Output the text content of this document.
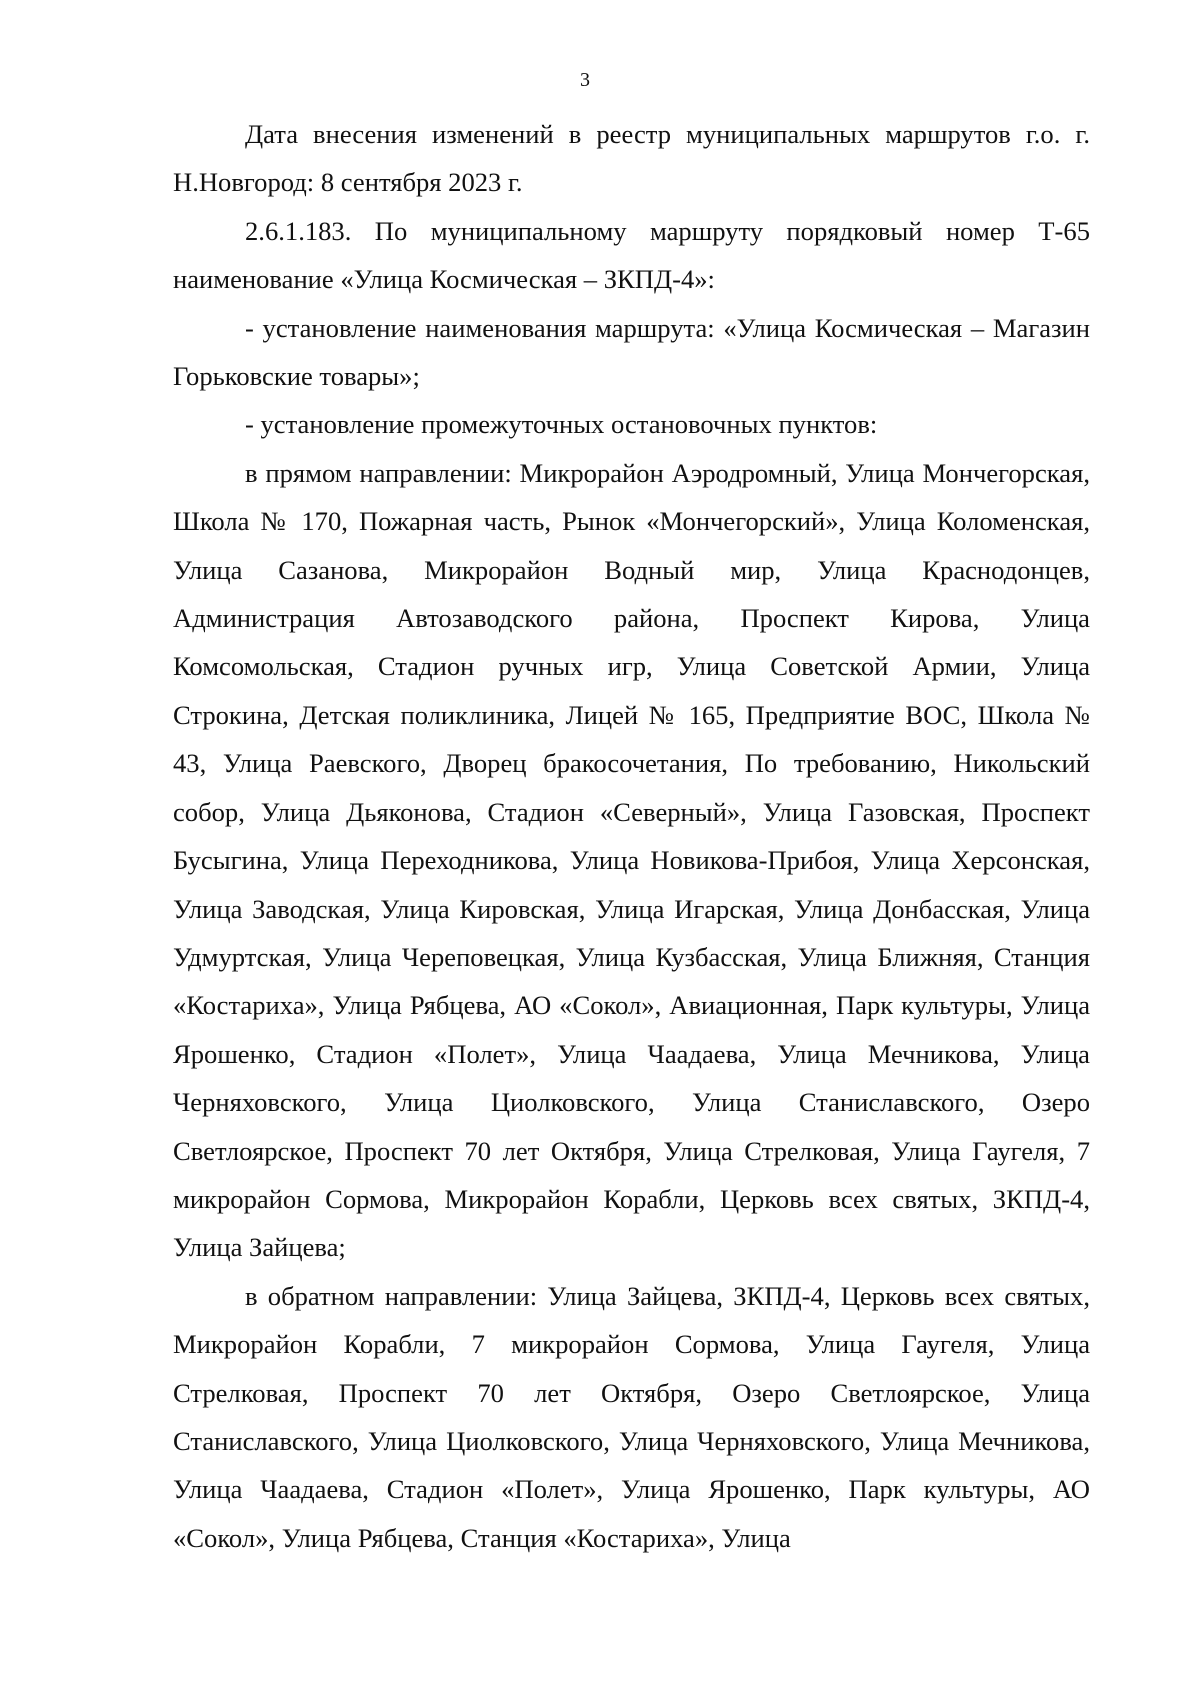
3

Дата внесения изменений в реестр муниципальных маршрутов г.о. г. Н.Новгород: 8 сентября 2023 г.

2.6.1.183. По муниципальному маршруту порядковый номер Т-65 наименование «Улица Космическая – ЗКПД-4»:

- установление наименования маршрута: «Улица Космическая – Магазин Горьковские товары»;

- установление промежуточных остановочных пунктов:

в прямом направлении: Микрорайон Аэродромный, Улица Мончегорская, Школа № 170, Пожарная часть, Рынок «Мончегорский», Улица Коломенская, Улица Сазанова, Микрорайон Водный мир, Улица Краснодонцев, Администрация Автозаводского района, Проспект Кирова, Улица Комсомольская, Стадион ручных игр, Улица Советской Армии, Улица Строкина, Детская поликлиника, Лицей № 165, Предприятие ВОС, Школа № 43, Улица Раевского, Дворец бракосочетания, По требованию, Никольский собор, Улица Дьяконова, Стадион «Северный», Улица Газовская, Проспект Бусыгина, Улица Переходникова, Улица Новикова-Прибоя, Улица Херсонская, Улица Заводская, Улица Кировская, Улица Игарская, Улица Донбасская, Улица Удмуртская, Улица Череповецкая, Улица Кузбасская, Улица Ближняя, Станция «Костариха», Улица Рябцева, АО «Сокол», Авиационная, Парк культуры, Улица Ярошенко, Стадион «Полет», Улица Чаадаева, Улица Мечникова, Улица Черняховского, Улица Циолковского, Улица Станиславского, Озеро Светлоярское, Проспект 70 лет Октября, Улица Стрелковая, Улица Гаугеля, 7 микрорайон Сормова, Микрорайон Корабли, Церковь всех святых, ЗКПД-4, Улица Зайцева;

в обратном направлении: Улица Зайцева, ЗКПД-4, Церковь всех святых, Микрорайон Корабли, 7 микрорайон Сормова, Улица Гаугеля, Улица Стрелковая, Проспект 70 лет Октября, Озеро Светлоярское, Улица Станиславского, Улица Циолковского, Улица Черняховского, Улица Мечникова, Улица Чаадаева, Стадион «Полет», Улица Ярошенко, Парк культуры, АО «Сокол», Улица Рябцева, Станция «Костариха», Улица
